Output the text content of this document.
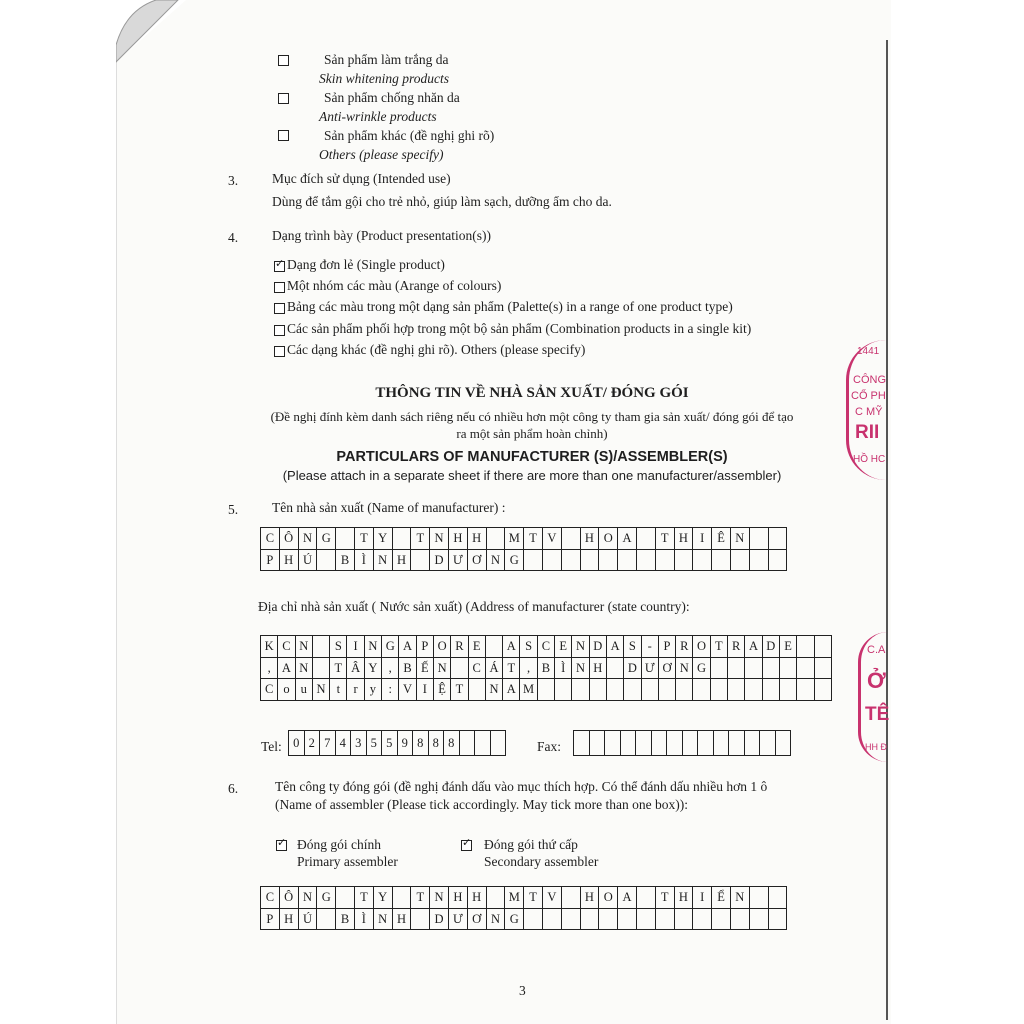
Sản phẩm làm trắng da
Skin whitening products
Sản phẩm chống nhăn da
Anti-wrinkle products
Sản phẩm khác (đề nghị ghi rõ)
Others (please specify)
3.	Mục đích sử dụng (Intended use)
Dùng để tắm gội cho trẻ nhỏ, giúp làm sạch, dưỡng ẩm cho da.
4.	Dạng trình bày (Product presentation(s))
✓
Dạng đơn lẻ (Single product)
Một nhóm các màu (Arange of colours)
Bảng các màu trong một dạng sản phẩm (Palette(s) in a range of one product type)
Các sản phẩm phối hợp trong một bộ sản phẩm (Combination products in a single kit)
Các dạng khác (đề nghị ghi rõ). Others (please specify)
THÔNG TIN VỀ NHÀ SẢN XUẤT/ ĐÓNG GÓI
(Đề nghị đính kèm danh sách riêng nếu có nhiều hơn một công ty tham gia sản xuất/ đóng gói để tạo
ra một sản phẩm hoàn chỉnh)
PARTICULARS OF MANUFACTURER (S)/ASSEMBLER(S)
(Please attach in a separate sheet if there are more than one manufacturer/assembler)
5.	Tên nhà sản xuất (Name of manufacturer) :
C	Ô	N	G		T	Y		T	N	H	H		M	T	V		H	O	A		T	H	I	Ê	N		
P	H	Ú		B	Ì	N	H		D	Ư	Ơ	N	G														
Địa chỉ nhà sản xuất ( Nước sản xuất) (Address of manufacturer (state country):
K	C	N		S	I	N	G	A	P	O	R	E		A	S	C	E	N	D	A	S	-	P	R	O	T	R	A	D	E		
,	A	N		T	Â	Y	,	B	Ế	N		C	Á	T	,	B	Ì	N	H		D	Ư	Ơ	N	G							
C	o	u	N	t	r	y	:	V	I	Ệ	T		N	A	M																	
Tel: 0	2	7	4	3	5	5	9	8	8	8				Fax:

6.	Tên công ty đóng gói (đề nghị đánh dấu vào mục thích hợp. Có thể đánh dấu nhiều hơn 1 ô
(Name of assembler (Please tick accordingly. May tick more than one box)):
✓
Đóng gói chính
Primary assembler
✓
Đóng gói thứ cấp
Secondary assembler
C	Ô	N	G		T	Y		T	N	H	H		M	T	V		H	O	A		T	H	I	Ể	N		
P	H	Ú		B	Ì	N	H		D	Ư	Ơ	N	G														
3
1441
CÔNG
CỔ PH
C MỸ
RII
HỒ HC
C.A
Ở
TÊ
HH Đ
